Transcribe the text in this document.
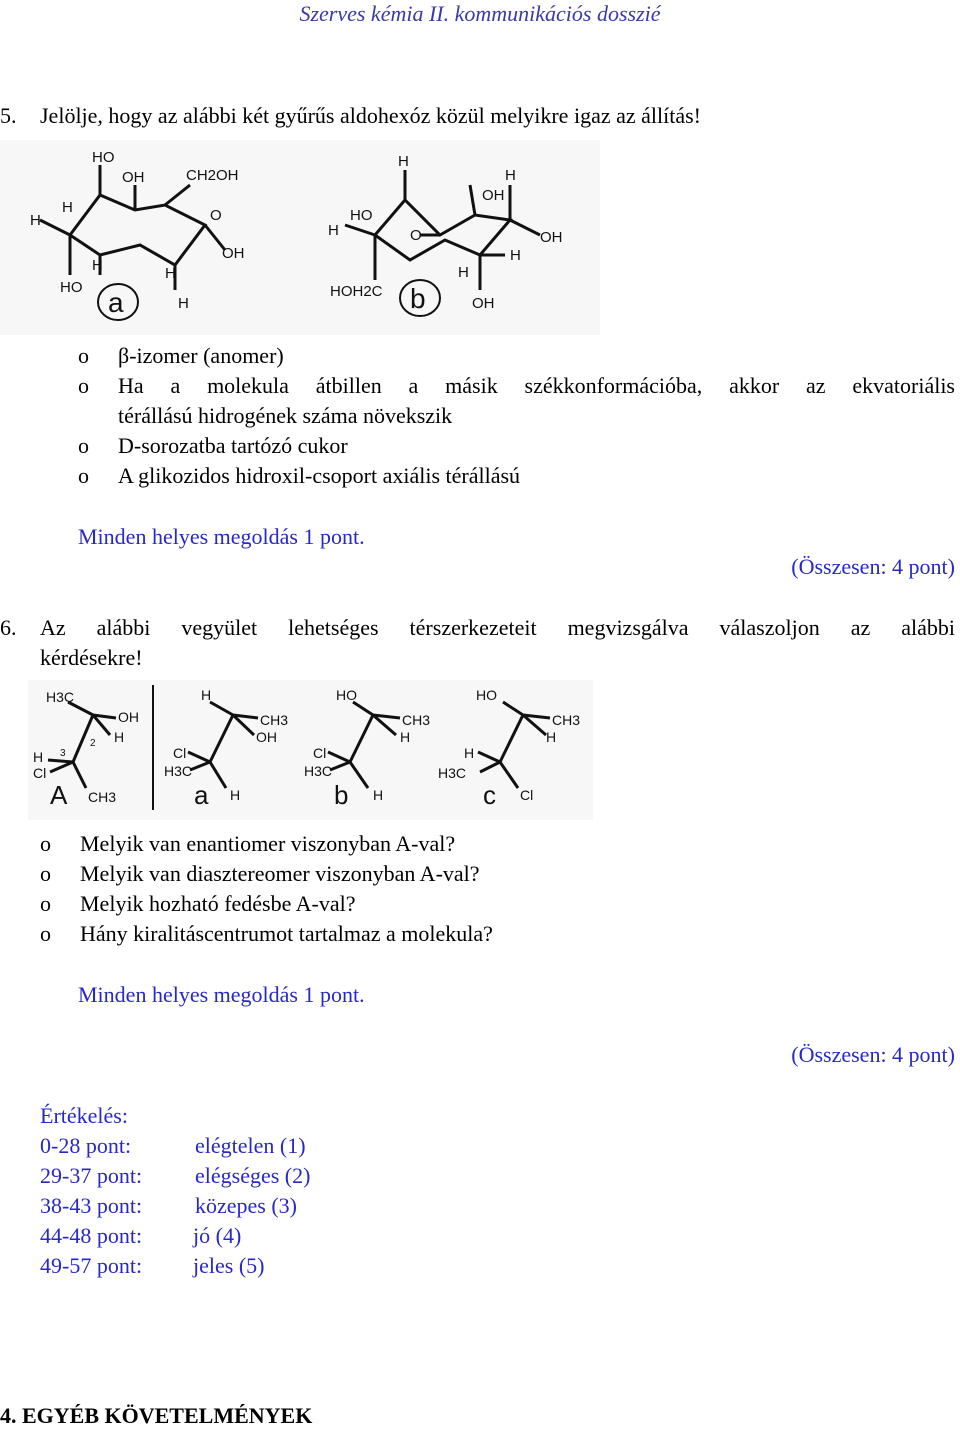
Szerves kémia II. kommunikációs dosszié
5. Jelölje, hogy az alábbi két gyűrűs aldohexóz közül melyikre igaz az állítás!
HO
OH	CH2OH
O
H
H
OH
H	H
HO
H
H
OH
H
HO
H	O	OH
H
H
HOH2C
OH
a	b
o β-izomer (anomer)
o Ha a molekula átbillen a másik székkonformációba, akkor az ekvatoriális
térállású hidrogének száma növekszik
o D-sorozatba tartózó cukor
o A glikozidos hidroxil-csoport axiális térállású
Minden helyes megoldás 1 pont.
(Összesen: 4 pont)
6. Az alábbi vegyület lehetséges térszerkezeteit megvizsgálva válaszoljon az alábbi
kérdésekre!
H3C
OH
H
2
H 3
Cl
CH3
H
CH3
OH
Cl
H3C
H
HO
CH3
H
Cl
H3C
H
HO
CH3
H
H
H3C
Cl
A	a	b	c
o Melyik van enantiomer viszonyban A-val?
o Melyik van diasztereomer viszonyban A-val?
o Melyik hozható fedésbe A-val?
o Hány kiralitáscentrumot tartalmaz a molekula?
Minden helyes megoldás 1 pont.
(Összesen: 4 pont)
Értékelés:
0-28 pont:	elégtelen (1)
29-37 pont: elégséges (2)
38-43 pont: közepes (3)
44-48 pont: jó (4)
49-57 pont: jeles (5)
4. EGYÉB KÖVETELMÉNYEK
